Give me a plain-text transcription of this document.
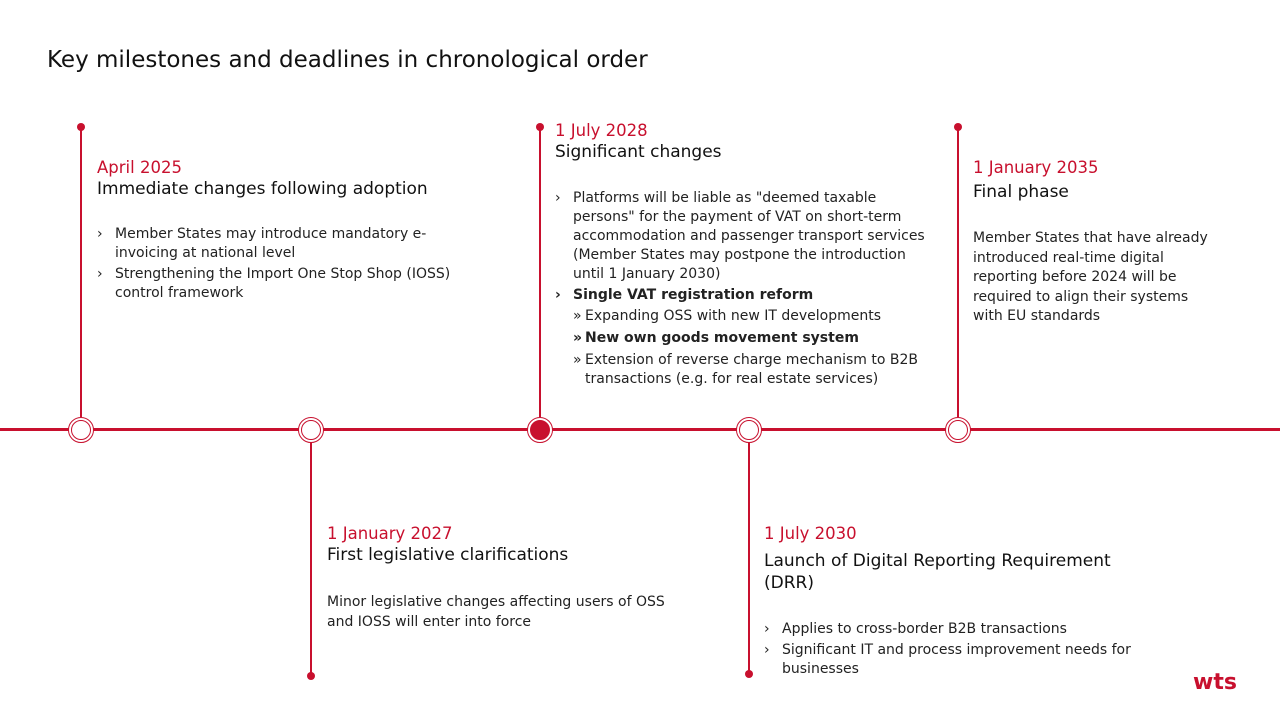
Key milestones and deadlines in chronological order
April 2025
Immediate changes following adoption
› Member States may introduce mandatory e-invoicing at national level
› Strengthening the Import One Stop Shop (IOSS) control framework
1 January 2027
First legislative clarifications
Minor legislative changes affecting users of OSS and IOSS will enter into force
1 July 2028
Significant changes
› Platforms will be liable as "deemed taxable persons" for the payment of VAT on short-term accommodation and passenger transport services (Member States may postpone the introduction until 1 January 2030)
› Single VAT registration reform
» Expanding OSS with new IT developments
» New own goods movement system
» Extension of reverse charge mechanism to B2B transactions (e.g. for real estate services)
1 July 2030
Launch of Digital Reporting Requirement (DRR)
› Applies to cross-border B2B transactions
› Significant IT and process improvement needs for businesses
1 January 2035
Final phase
Member States that have already introduced real-time digital reporting before 2024 will be required to align their systems with EU standards
wts
